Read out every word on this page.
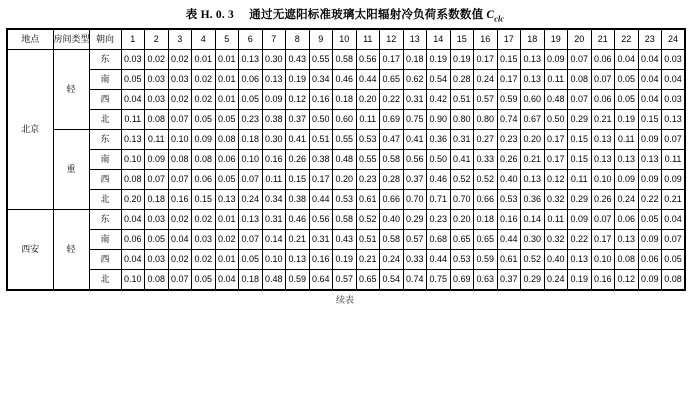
表 H. 0. 3 通过无遮阳标准玻璃太阳辐射冷负荷系数数值 $C_{clc}$
地点	房间类型	朝向	1	2	3	4	5	6	7	8	9	10	11	12	13	14	15	16	17	18	19	20	21	22	23	24
北京	轻	东	0.03	0.02	0.02	0.01	0.01	0.13	0.30	0.43	0.55	0.58	0.56	0.17	0.18	0.19	0.19	0.17	0.15	0.13	0.09	0.07	0.06	0.04	0.04	0.03
		南	0.05	0.03	0.03	0.02	0.01	0.06	0.13	0.19	0.34	0.46	0.44	0.65	0.62	0.54	0.28	0.24	0.17	0.13	0.11	0.08	0.07	0.05	0.04	0.04
		西	0.04	0.03	0.02	0.02	0.01	0.05	0.09	0.12	0.16	0.18	0.20	0.22	0.31	0.42	0.51	0.57	0.59	0.60	0.48	0.07	0.06	0.05	0.04	0.03
		北	0.11	0.08	0.07	0.05	0.05	0.23	0.38	0.37	0.50	0.60	0.11	0.69	0.75	0.90	0.80	0.80	0.74	0.67	0.50	0.29	0.21	0.19	0.15	0.13
	重	东	0.13	0.11	0.10	0.09	0.08	0.18	0.30	0.41	0.51	0.55	0.53	0.47	0.41	0.36	0.31	0.27	0.23	0.20	0.17	0.15	0.13	0.11	0.09	0.07
		南	0.10	0.09	0.08	0.08	0.06	0.10	0.16	0.26	0.38	0.48	0.55	0.58	0.56	0.50	0.41	0.33	0.26	0.21	0.17	0.15	0.13	0.13	0.13	0.11
		西	0.08	0.07	0.07	0.06	0.05	0.07	0.11	0.15	0.17	0.20	0.23	0.28	0.37	0.46	0.52	0.52	0.40	0.13	0.12	0.11	0.10	0.09	0.09	0.09
		北	0.20	0.18	0.16	0.15	0.13	0.24	0.34	0.38	0.44	0.53	0.61	0.66	0.70	0.71	0.70	0.66	0.53	0.36	0.32	0.29	0.26	0.24	0.22	0.21
西安	轻	东	0.04	0.03	0.02	0.02	0.01	0.13	0.31	0.46	0.56	0.58	0.52	0.40	0.29	0.23	0.20	0.18	0.16	0.14	0.11	0.09	0.07	0.06	0.05	0.04
		南	0.06	0.05	0.04	0.03	0.02	0.07	0.14	0.21	0.31	0.43	0.51	0.58	0.57	0.68	0.65	0.65	0.44	0.30	0.32	0.22	0.17	0.13	0.09	0.07
		西	0.04	0.03	0.02	0.02	0.01	0.05	0.10	0.13	0.16	0.19	0.21	0.24	0.33	0.44	0.53	0.59	0.61	0.52	0.40	0.13	0.10	0.08	0.06	0.05
		北	0.10	0.08	0.07	0.05	0.04	0.18	0.48	0.59	0.64	0.57	0.65	0.54	0.74	0.75	0.69	0.63	0.37	0.29	0.24	0.19	0.16	0.12	0.09	0.08
续表
